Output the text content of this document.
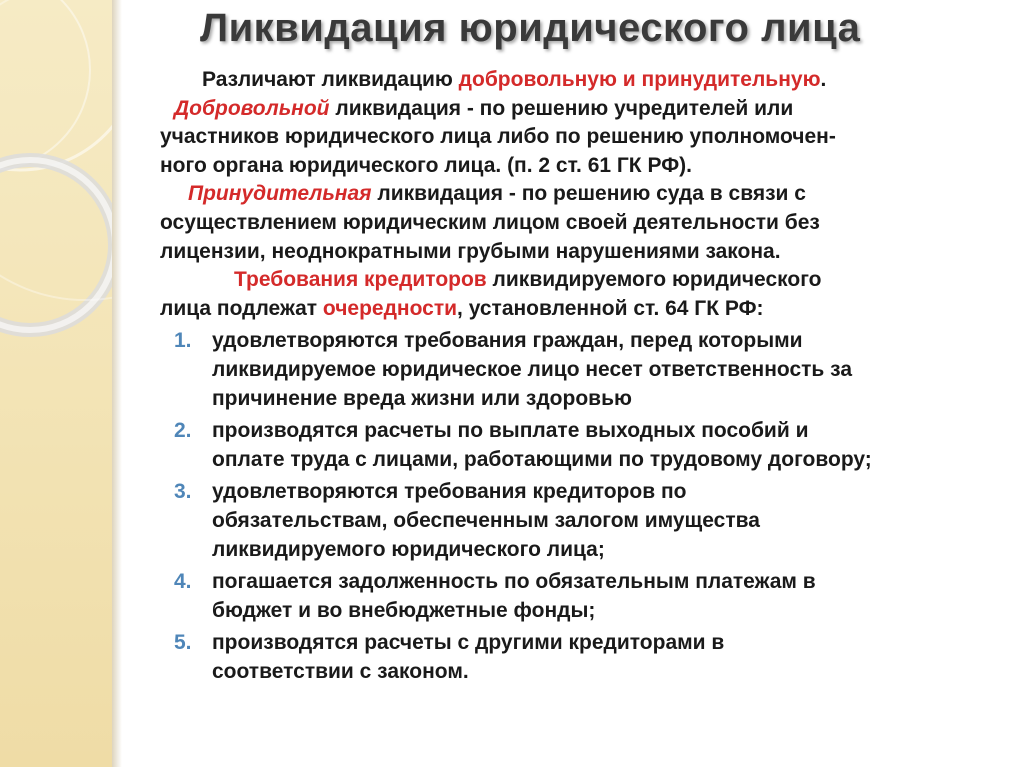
Ликвидация юридического лица

Различают ликвидацию добровольную и принудительную.

Добровольной ликвидация - по решению учредителей или
участников юридического лица либо по решению уполномочен-
ного органа юридического лица. (п. 2 ст. 61 ГК РФ).

Принудительная ликвидация - по решению суда в связи с
осуществлением юридическим лицом своей деятельности без
лицензии, неоднократными грубыми нарушениями закона.

Требования кредиторов ликвидируемого юридического
лица подлежат очередности, установленной ст. 64 ГК РФ:

1. удовлетворяются требования граждан, перед которыми
ликвидируемое юридическое лицо несет ответственность за
причинение вреда жизни или здоровью
2. производятся расчеты по выплате выходных пособий и
оплате труда с лицами, работающими по трудовому договору;
3. удовлетворяются требования кредиторов по
обязательствам, обеспеченным залогом имущества
ликвидируемого юридического лица;
4. погашается задолженность по обязательным платежам в
бюджет и во внебюджетные фонды;
5. производятся расчеты с другими кредиторами в
соответствии с законом.
